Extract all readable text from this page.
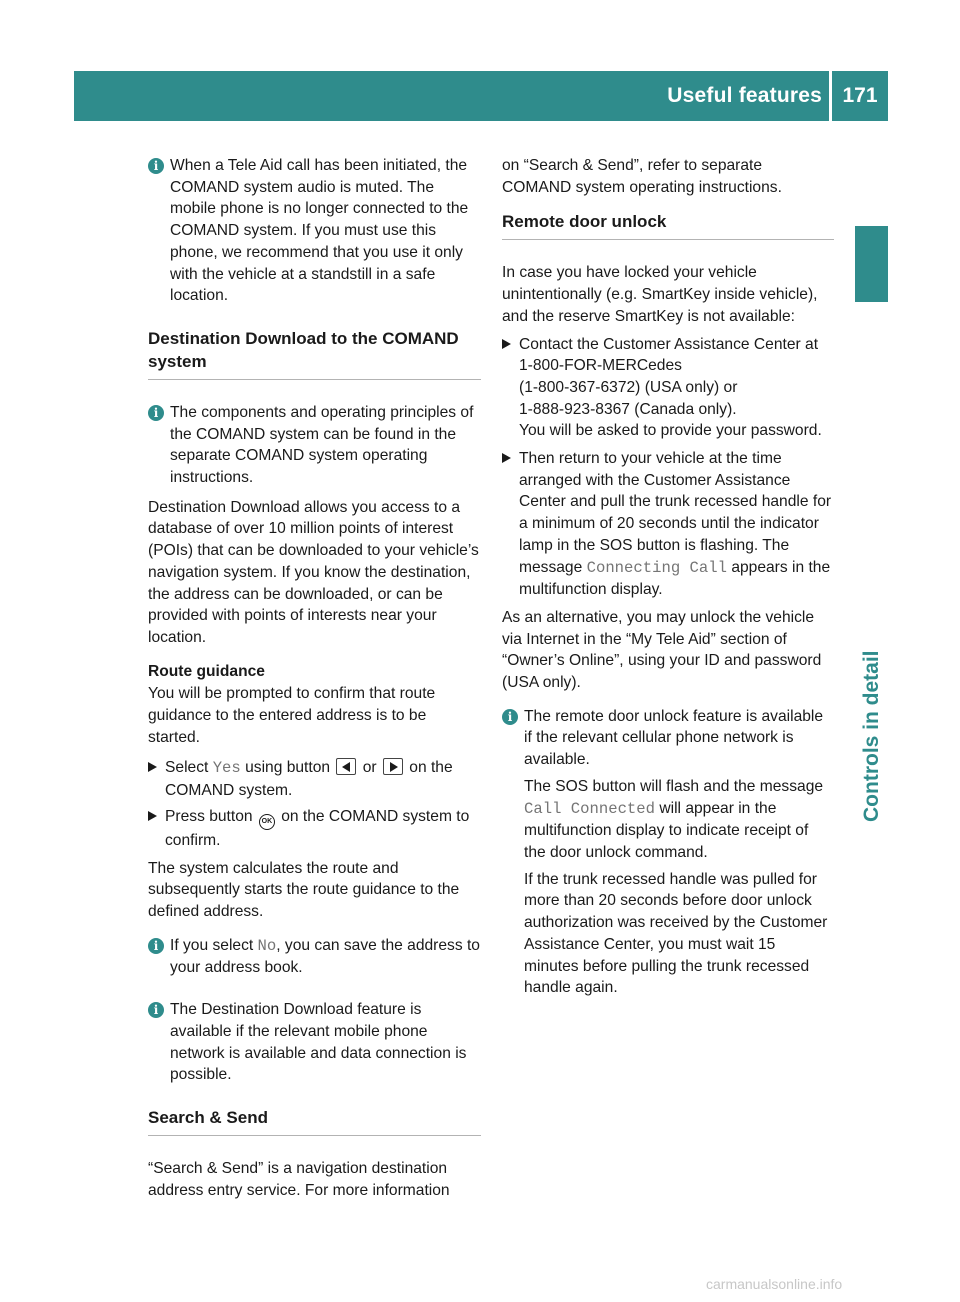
Useful features 171
Controls in detail
i When a Tele Aid call has been initiated, the COMAND system audio is muted. The mobile phone is no longer connected to the COMAND system. If you must use this phone, we recommend that you use it only with the vehicle at a standstill in a safe location.

Destination Download to the COMAND system
i The components and operating principles of the COMAND system can be found in the separate COMAND system operating instructions.

Destination Download allows you access to a database of over 10 million points of interest (POIs) that can be downloaded to your vehicle’s navigation system. If you know the destination, the address can be downloaded, or can be provided with points of interests near your location.

Route guidance

You will be prompted to confirm that route guidance to the entered address is to be started.

Select Yes using button
or
on the COMAND system.
Press button OK on the COMAND system to confirm.

The system calculates the route and subsequently starts the route guidance to the defined address.

i If you select No, you can save the address to your address book.

i The Destination Download feature is available if the relevant mobile phone network is available and data connection is possible.

Search & Send

“Search & Send” is a navigation destination address entry service. For more information

on “Search & Send”, refer to separate COMAND system operating instructions.

Remote door unlock

In case you have locked your vehicle unintentionally (e.g. SmartKey inside vehicle), and the reserve SmartKey is not available:

Contact the Customer Assistance Center at 1-800-FOR-MERCedes
(1-800-367-6372) (USA only) or
1-888-923-8367 (Canada only).
You will be asked to provide your password.
Then return to your vehicle at the time arranged with the Customer Assistance Center and pull the trunk recessed handle for a minimum of 20 seconds until the indicator lamp in the SOS button is flashing. The message Connecting Call appears in the multifunction display.

As an alternative, you may unlock the vehicle via Internet in the “My Tele Aid” section of “Owner’s Online”, using your ID and password (USA only).

i The remote door unlock feature is available if the relevant cellular phone network is available.

The SOS button will flash and the message Call Connected will appear in the multifunction display to indicate receipt of the door unlock command.

If the trunk recessed handle was pulled for more than 20 seconds before door unlock authorization was received by the Customer Assistance Center, you must wait 15 minutes before pulling the trunk recessed handle again.

carmanualsonline.info
